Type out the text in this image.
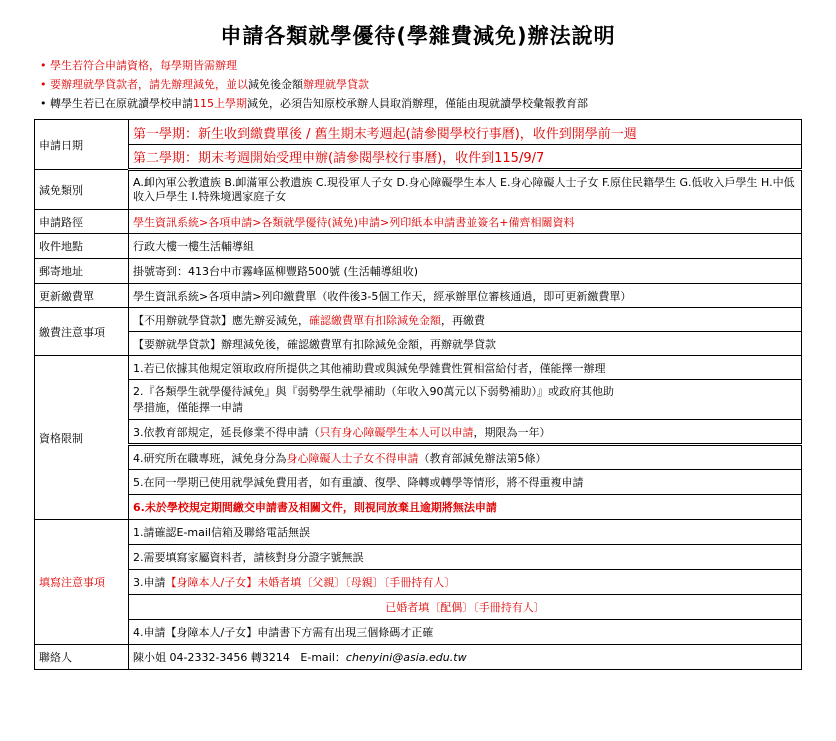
申請各類就學優待(學雜費減免)辦法說明
• 學生若符合申請資格，每學期皆需辦理
• 要辦理就學貸款者，請先辦理減免，並以減免後金額辦理就學貸款
• 轉學生若已在原就讀學校申請115上學期減免，必須告知原校承辦人員取消辦理，僅能由現就讀學校彙報教育部
申請日期	第一學期：新生收到繳費單後 / 舊生期末考週起(請參閱學校行事曆)，收件到開學前一週
	第二學期：期末考週開始受理申辦(請參閱學校行事曆)，收件到115/9/7
減免類別	A.卹內軍公教遺族 B.卹滿軍公教遺族 C.現役軍人子女 D.身心障礙學生本人 E.身心障礙人士子女 F.原住民籍學生 G.低收入戶學生 H.中低收入戶學生 I.特殊境遇家庭子女
申請路徑	學生資訊系統>各項申請>各類就學優待(減免)申請>列印紙本申請書並簽名+備齊相關資料
收件地點	行政大樓一樓生活輔導組
郵寄地址	掛號寄到：413台中市霧峰區柳豐路500號 (生活輔導組收)
更新繳費單	學生資訊系統>各項申請>列印繳費單（收件後3-5個工作天，經承辦單位審核通過，即可更新繳費單）
繳費注意事項	【不用辦就學貸款】應先辦妥減免，確認繳費單有扣除減免金額，再繳費
	【要辦就學貸款】辦理減免後，確認繳費單有扣除減免金額，再辦就學貸款
資格限制	1.若已依據其他規定領取政府所提供之其他補助費或與減免學雜費性質相當給付者，僅能擇一辦理
	2.『各類學生就學優待減免』與『弱勢學生就學補助（年收入90萬元以下弱勢補助）』或政府其他助
學措施，僅能擇一申請
	3.依教育部規定，延長修業不得申請（只有身心障礙學生本人可以申請，期限為一年）
	4.研究所在職專班，減免身分為身心障礙人士子女不得申請（教育部減免辦法第5條）
	5.在同一學期已使用就學減免費用者，如有重讀、復學、降轉或轉學等情形，將不得重複申請
	6.未於學校規定期間繳交申請書及相關文件，則視同放棄且逾期將無法申請
填寫注意事項	1.請確認E-mail信箱及聯絡電話無誤
	2.需要填寫家屬資料者，請核對身分證字號無誤
	3.申請【身障本人/子女】未婚者填〔父親〕〔母親〕〔手冊持有人〕
	已婚者填〔配偶〕〔手冊持有人〕
	4.申請【身障本人/子女】申請書下方需有出現三個條碼才正確
聯絡人	陳小姐 04-2332-3456 轉3214 E-mail：chenyini@asia.edu.tw
